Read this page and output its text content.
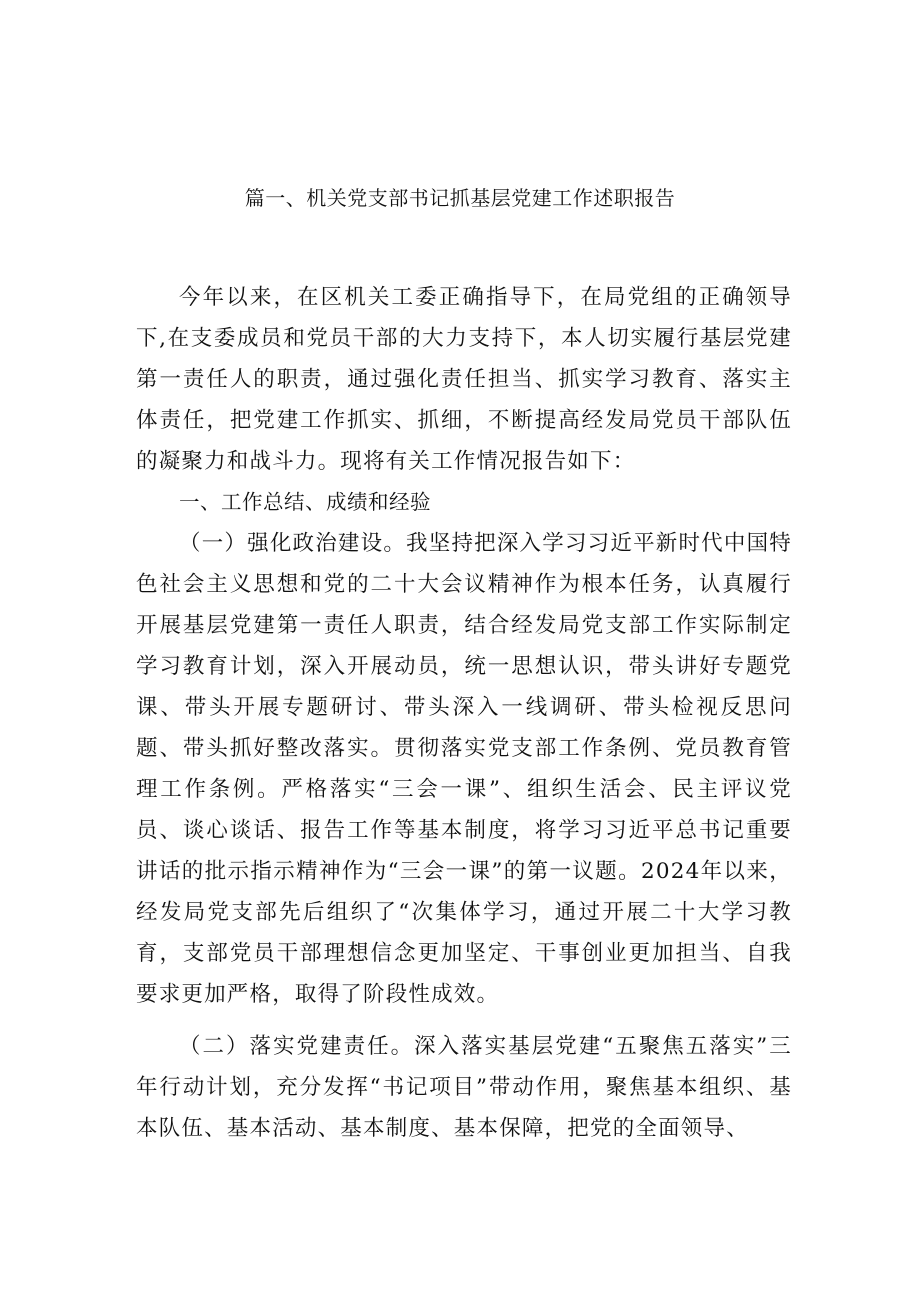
篇一、机关党支部书记抓基层党建工作述职报告

今年以来，在区机关工委正确指导下，在局党组的正确领导下,在支委成员和党员干部的大力支持下，本人切实履行基层党建第一责任人的职责，通过强化责任担当、抓实学习教育、落实主体责任，把党建工作抓实、抓细，不断提高经发局党员干部队伍的凝聚力和战斗力。现将有关工作情况报告如下：

一、工作总结、成绩和经验

（一）强化政治建设。我坚持把深入学习习近平新时代中国特色社会主义思想和党的二十大会议精神作为根本任务，认真履行开展基层党建第一责任人职责，结合经发局党支部工作实际制定学习教育计划，深入开展动员，统一思想认识，带头讲好专题党课、带头开展专题研讨、带头深入一线调研、带头检视反思问题、带头抓好整改落实。贯彻落实党支部工作条例、党员教育管理工作条例。严格落实“三会一课”、组织生活会、民主评议党员、谈心谈话、报告工作等基本制度，将学习习近平总书记重要讲话的批示指示精神作为“三会一课”的第一议题。2024年以来，经发局党支部先后组织了“次集体学习，通过开展二十大学习教育，支部党员干部理想信念更加坚定、干事创业更加担当、自我要求更加严格，取得了阶段性成效。

（二）落实党建责任。深入落实基层党建“五聚焦五落实”三年行动计划，充分发挥“书记项目”带动作用，聚焦基本组织、基本队伍、基本活动、基本制度、基本保障，把党的全面领导、
